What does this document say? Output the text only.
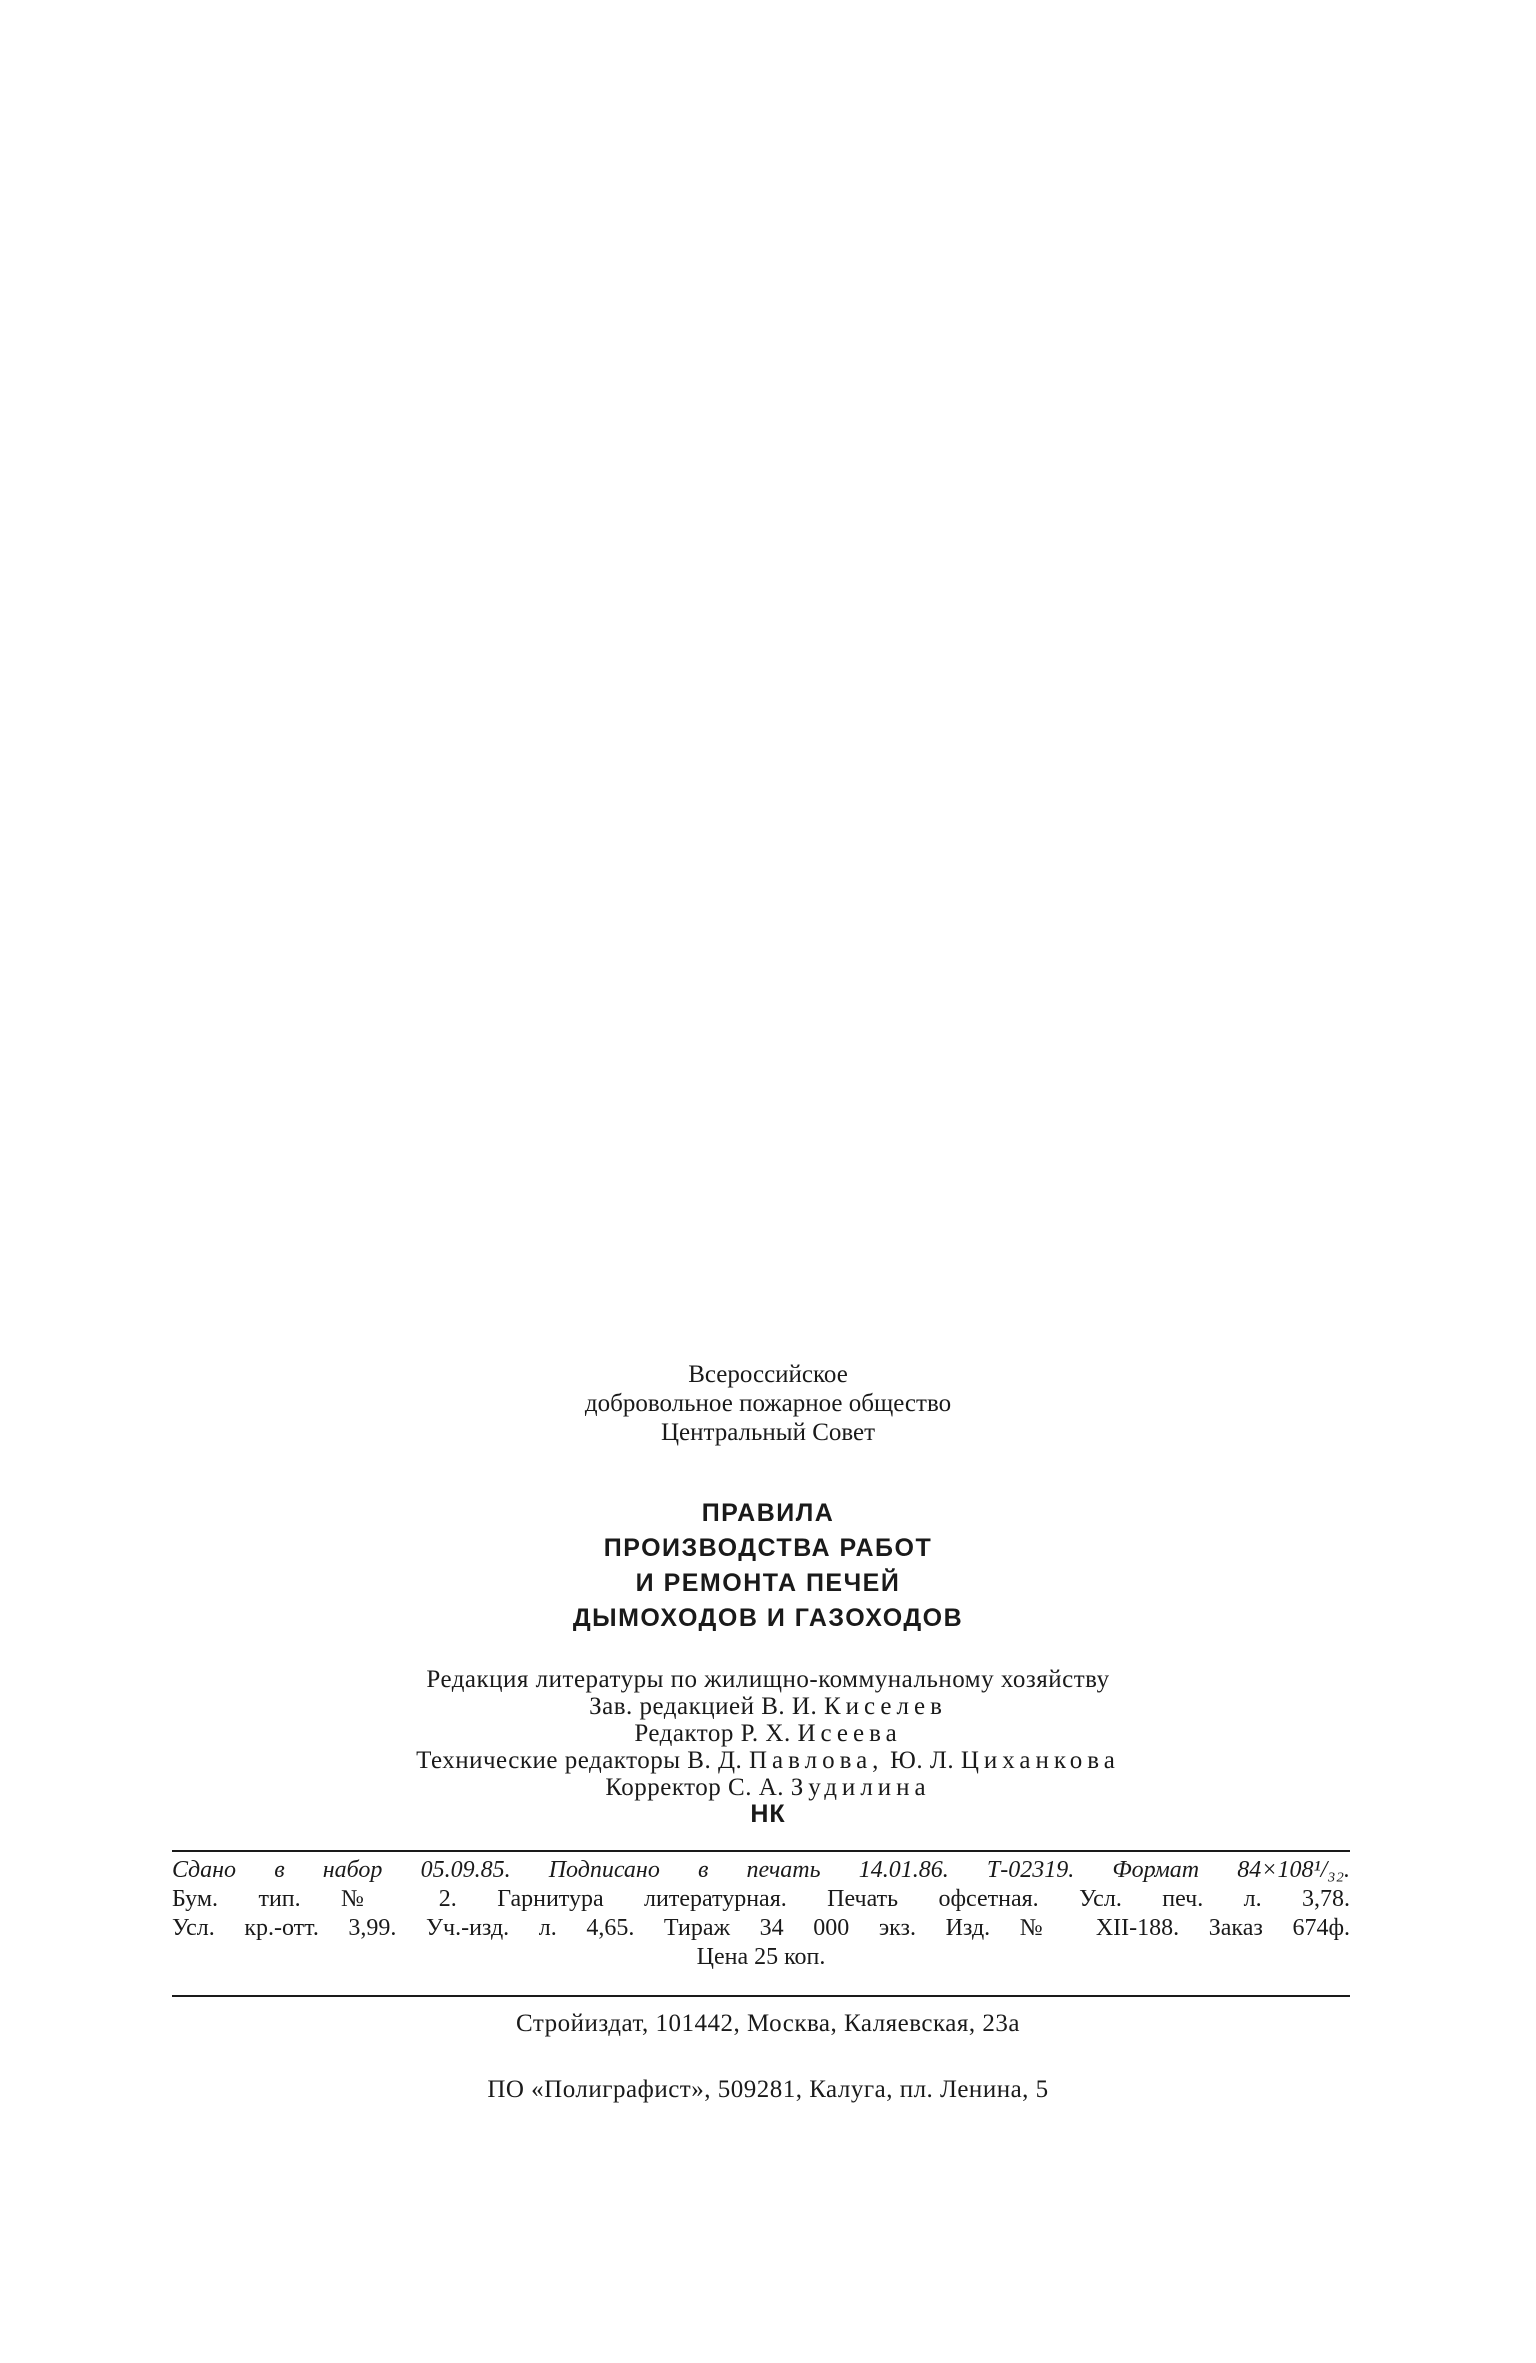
Всероссийское
добровольное пожарное общество
Центральный Совет
ПРАВИЛА
ПРОИЗВОДСТВА РАБОТ
И РЕМОНТА ПЕЧЕЙ
ДЫМОХОДОВ И ГАЗОХОДОВ
Редакция литературы по жилищно-коммунальному хозяйству
Зав. редакцией В. И. Киселев
Редактор Р. Х. Исеева
Технические редакторы В. Д. Павлова, Ю. Л. Циханкова
Корректор С. А. Зудилина
НК
Сдано в набор 05.09.85. Подписано в печать 14.01.86. Т-02319. Формат 84×108¹/₃₂.
Бум. тип. № 2. Гарнитура литературная. Печать офсетная. Усл. печ. л. 3,78.
Усл. кр.-отт. 3,99. Уч.-изд. л. 4,65. Тираж 34 000 экз. Изд. № XII-188. Заказ 674ф.
Цена 25 коп.
Стройиздат, 101442, Москва, Каляевская, 23а
ПО «Полиграфист», 509281, Калуга, пл. Ленина, 5
